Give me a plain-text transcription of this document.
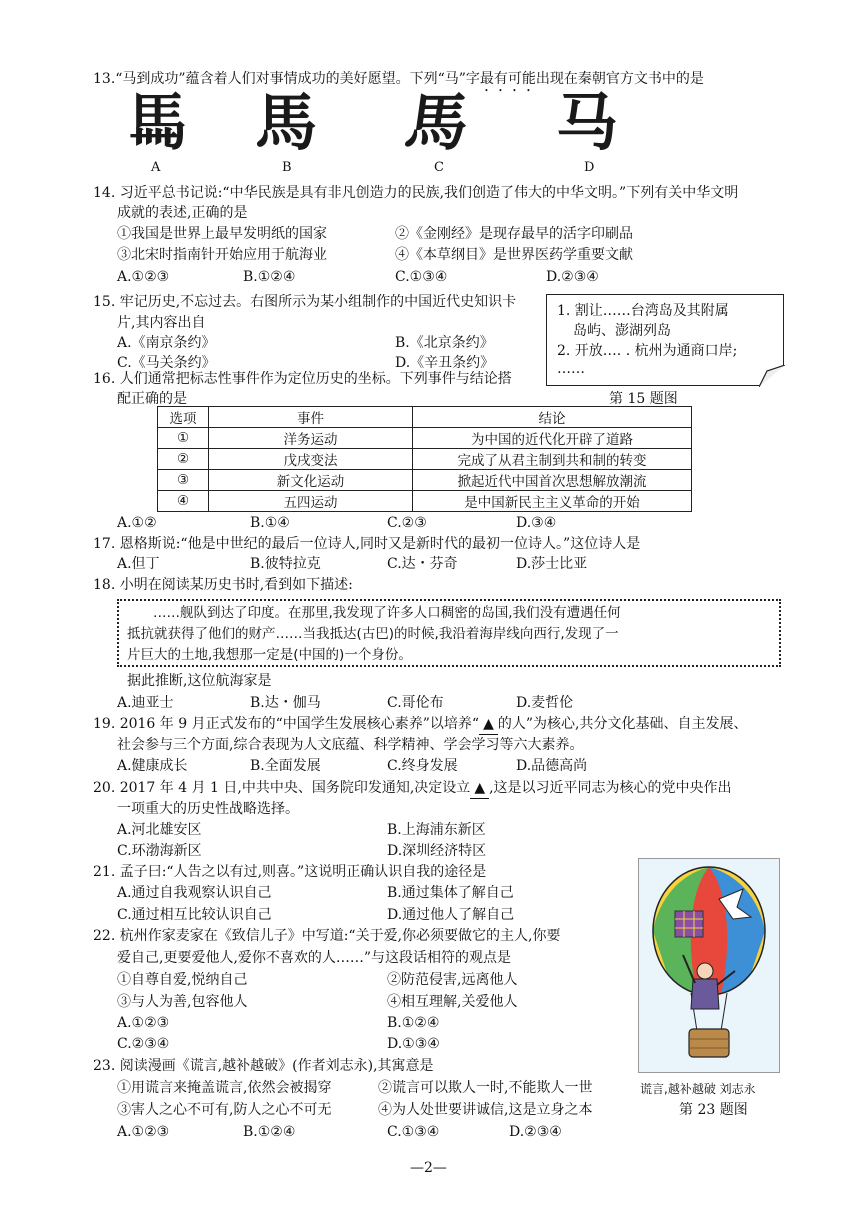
13.“马到成功”蕴含着人们对事情成功的美好愿望。下列“马”字最有可能出现在秦朝官方文书中的是
𩡧 馬 馬 马
A	B	C	D
14. 习近平总书记说:“中华民族是具有非凡创造力的民族,我们创造了伟大的中华文明。”下列有关中华文明
成就的表述,正确的是
①我国是世界上最早发明纸的国家	②《金刚经》是现存最早的活字印刷品
③北宋时指南针开始应用于航海业	④《本草纲目》是世界医药学重要文献
A.①②③	B.①②④	C.①③④	D.②③④
15. 牢记历史,不忘过去。右图所示为某小组制作的中国近代史知识卡
片,其内容出自
A.《南京条约》	B.《北京条约》
C.《马关条约》	D.《辛丑条约》

1. 割让……台湾岛及其附属

岛屿、澎湖列岛

2. 开放…. . 杭州为通商口岸;

……

第 15 题图
16. 人们通常把标志性事件作为定位历史的坐标。下列事件与结论搭
配正确的是
选项	事件	结论
①	洋务运动	为中国的近代化开辟了道路
②	戊戌变法	完成了从君主制到共和制的转变
③	新文化运动	掀起近代中国首次思想解放潮流
④	五四运动	是中国新民主主义革命的开始
A.①②	B.①④	C.②③	D.③④
17. 恩格斯说:“他是中世纪的最后一位诗人,同时又是新时代的最初一位诗人。”这位诗人是
A.但丁	B.彼特拉克	C.达・芬奇	D.莎士比亚
18. 小明在阅读某历史书时,看到如下描述:
……舰队到达了印度。在那里,我发现了许多人口稠密的岛国,我们没有遭遇任何
抵抗就获得了他们的财产……当我抵达(古巴)的时候,我沿着海岸线向西行,发现了一
片巨大的土地,我想那一定是(中国的)一个身份。
据此推断,这位航海家是
A.迪亚士	B.达・伽马	C.哥伦布	D.麦哲伦
19. 2016 年 9 月正式发布的“中国学生发展核心素养”以培养“ ▲ 的人”为核心,共分文化基础、自主发展、
社会参与三个方面,综合表现为人文底蕴、科学精神、学会学习等六大素养。
A.健康成长	B.全面发展	C.终身发展	D.品德高尚
20. 2017 年 4 月 1 日,中共中央、国务院印发通知,决定设立 ▲ ,这是以习近平同志为核心的党中央作出
一项重大的历史性战略选择。
A.河北雄安区	B.上海浦东新区
C.环渤海新区	D.深圳经济特区
21. 孟子曰:“人告之以有过,则喜。”这说明正确认识自我的途径是
A.通过自我观察认识自己	B.通过集体了解自己
C.通过相互比较认识自己	D.通过他人了解自己
22. 杭州作家麦家在《致信儿子》中写道:“关于爱,你必须要做它的主人,你要
爱自己,更要爱他人,爱你不喜欢的人……”与这段话相符的观点是
①自尊自爱,悦纳自己	②防范侵害,远离他人
③与人为善,包容他人	④相互理解,关爱他人
A.①②③	B.①②④
C.②③④	D.①③④
23. 阅读漫画《谎言,越补越破》(作者刘志永),其寓意是
①用谎言来掩盖谎言,依然会被揭穿	②谎言可以欺人一时,不能欺人一世
③害人之心不可有,防人之心不可无	④为人处世要讲诚信,这是立身之本
A.①②③	B.①②④	C.①③④	D.②③④
谎言,越补越破 刘志永
第 23 题图
—2—
